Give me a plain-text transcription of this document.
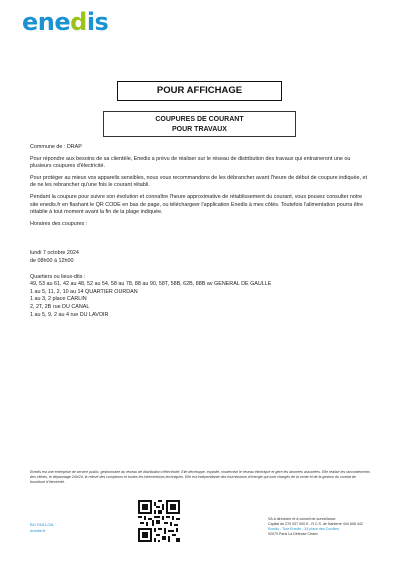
enedis
POUR AFFICHAGE
COUPURES DE COURANT
POUR TRAVAUX

Commune de : DRAP

Pour répondre aux besoins de sa clientèle, Enedis a prévu de réaliser sur le réseau de distribution des travaux qui entraineront une ou plusieurs coupures d'électricité.

Pour protéger au mieux vos appareils sensibles, nous vous recommandons de les débrancher avant l'heure de début de coupure indiquée, et de ne les rebrancher qu'une fois le courant rétabli.

Pendant la coupure pour suivre son évolution et connaître l'heure approximative de rétablissement du courant, vous pouvez consulter notre site enedis.fr en flashant le QR CODE en bas de page, ou téléchargeer l'application Enedis à mes côtés. Toutefois l'alimentation pourra être rétablie à tout moment avant la fin de la plage indiquée.

Horaires des coupures :

lundi 7 octobre 2024

de 08h00 à 12h00

Quartiers ou lieux-dits :

49, 53 au 61, 42 au 48, 52 au 54, 58 au 78, 88 au 90, 58T, 58B, 62B, 88B av GENERAL DE GAULLE

1 au 5, 11, 2, 10 au 14 QUARTIER OURDAN

1 au 3, 2 place CARLIN

2, 2T, 2B rue DU CANAL

1 au 5, 9, 2 au 4 rue DU LAVOIR

Enedis est une entreprise de service public, gestionnaire du réseau de distribution d'électricité. Elle développe, exploite, modernise le réseau électrique et gère les données associées. Elle réalise les raccordements des clients, le dépannage 24h/24, le relevé des compteurs et toutes les interventions techniques. Elle est indépendante des fournisseurs d'énergie qui sont chargés de la vente et de la gestion du contrat de fourniture d'électricité.
BO FAILLON
enedis.fr
SA à directoire et à conseil de surveillance
Capital de 270 037 000 € - R.C.S. de Nanterre 444 608 442
Enedis - Tour Enedis - 34 place des Corolles
92079 Paris La Défense Cedex
